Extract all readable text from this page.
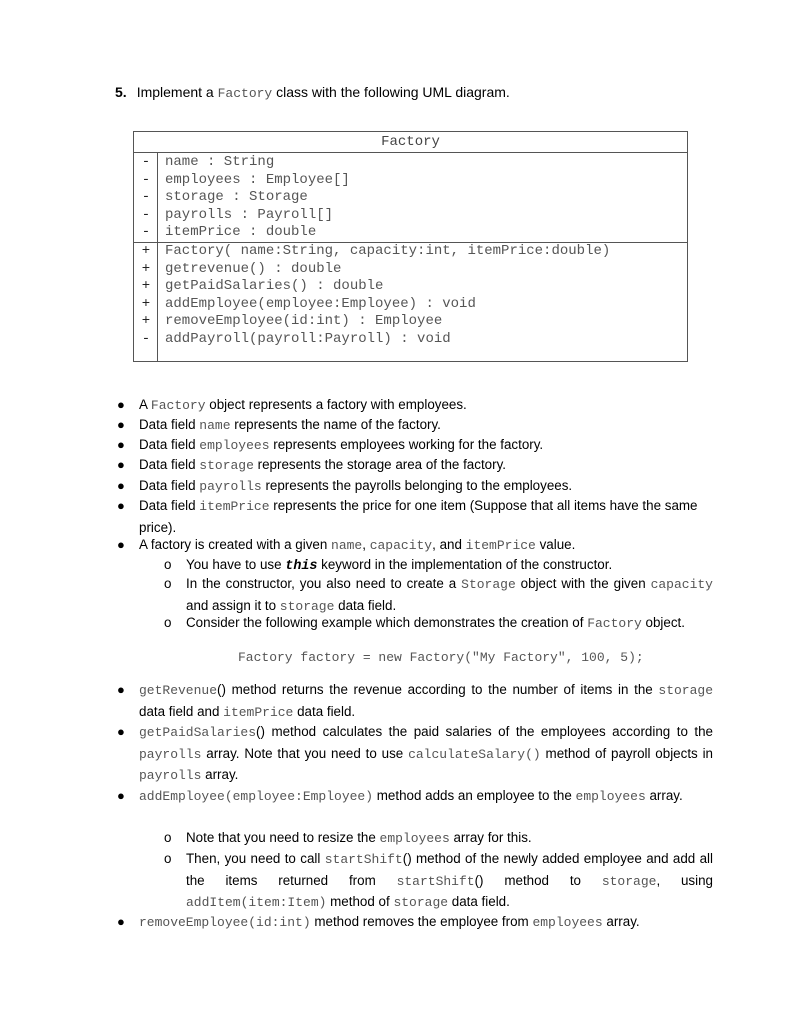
5. Implement a Factory class with the following UML diagram.
Factory
-	name : String
-	employees : Employee[]
-	storage : Storage
-	payrolls : Payroll[]
-	itemPrice : double
+	Factory( name:String, capacity:int, itemPrice:double)
+	getrevenue() : double
+	getPaidSalaries() : double
+	addEmployee(employee:Employee) : void
+	removeEmployee(id:int) : Employee
-	addPayroll(payroll:Payroll) : void
● A Factory object represents a factory with employees.
● Data field name represents the name of the factory.
● Data field employees represents employees working for the factory.
● Data field storage represents the storage area of the factory.
● Data field payrolls represents the payrolls belonging to the employees.
● Data field itemPrice represents the price for one item (Suppose that all items have the same price).
● A factory is created with a given name, capacity, and itemPrice value.
o You have to use this keyword in the implementation of the constructor.
o In the constructor, you also need to create a Storage object with the given capacity and assign it to storage data field.
o Consider the following example which demonstrates the creation of Factory object.
Factory factory = new Factory("My Factory", 100, 5);
● getRevenue() method returns the revenue according to the number of items in the storage data field and itemPrice data field.
● getPaidSalaries() method calculates the paid salaries of the employees according to the payrolls array. Note that you need to use calculateSalary() method of payroll objects in payrolls array.
● addEmployee(employee:Employee) method adds an employee to the employees array.
o Note that you need to resize the employees array for this.
o Then, you need to call startShift() method of the newly added employee and add all the items returned from startShift() method to storage, using addItem(item:Item) method of storage data field.
● removeEmployee(id:int) method removes the employee from employees array.
